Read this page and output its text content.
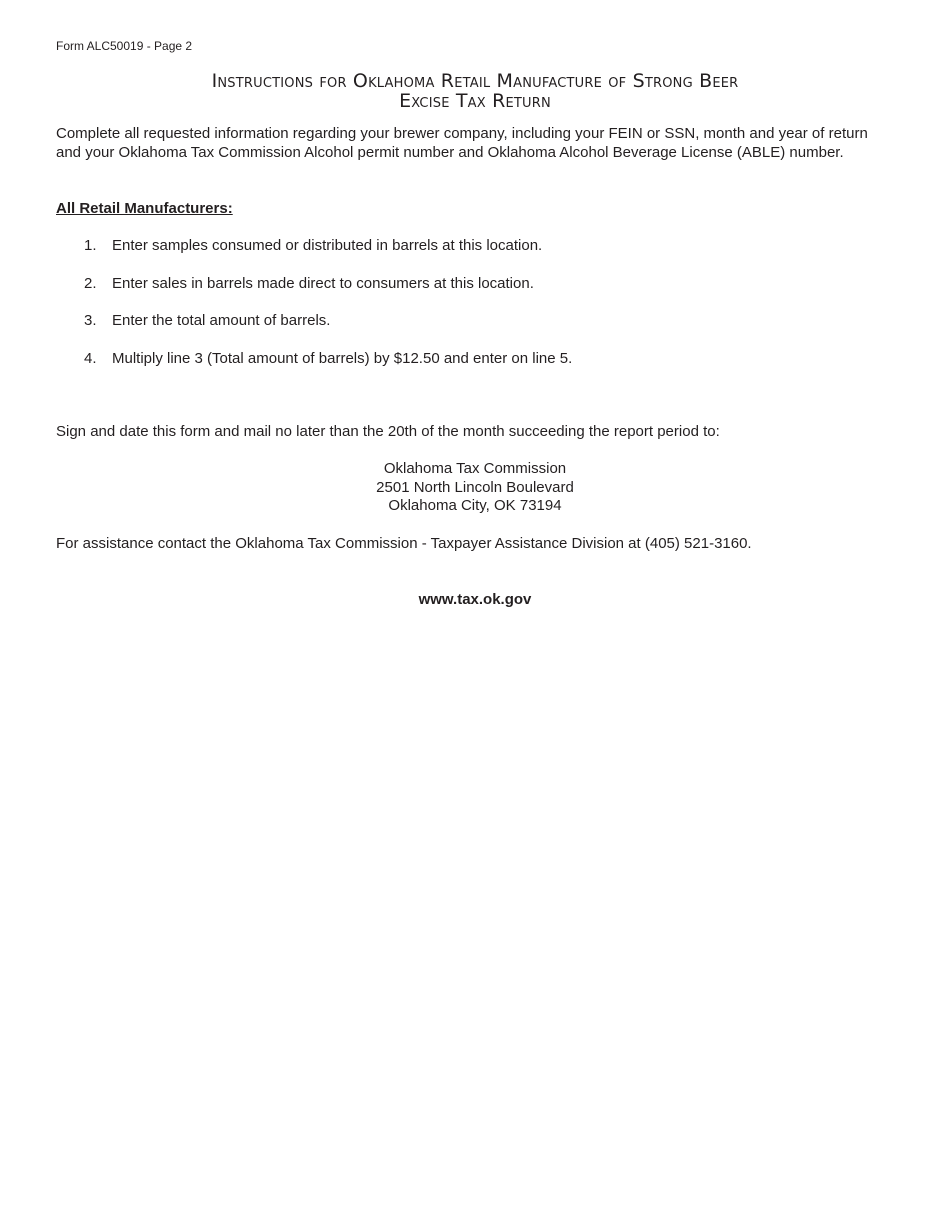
Form ALC50019 - Page 2

Instructions for Oklahoma Retail Manufacture of Strong Beer
Excise Tax Return

Complete all requested information regarding your brewer company, including your FEIN or SSN, month and year of return and your Oklahoma Tax Commission Alcohol permit number and Oklahoma Alcohol Beverage License (ABLE) number.

All Retail Manufacturers:

1.	Enter samples consumed or distributed in barrels at this location.
2.	Enter sales in barrels made direct to consumers at this location.
3.	Enter the total amount of barrels.
4.	Multiply line 3 (Total amount of barrels) by $12.50 and enter on line 5.

Sign and date this form and mail no later than the 20th of the month succeeding the report period to:

Oklahoma Tax Commission
2501 North Lincoln Boulevard
Oklahoma City, OK 73194

For assistance contact the Oklahoma Tax Commission - Taxpayer Assistance Division at (405) 521-3160.

www.tax.ok.gov
